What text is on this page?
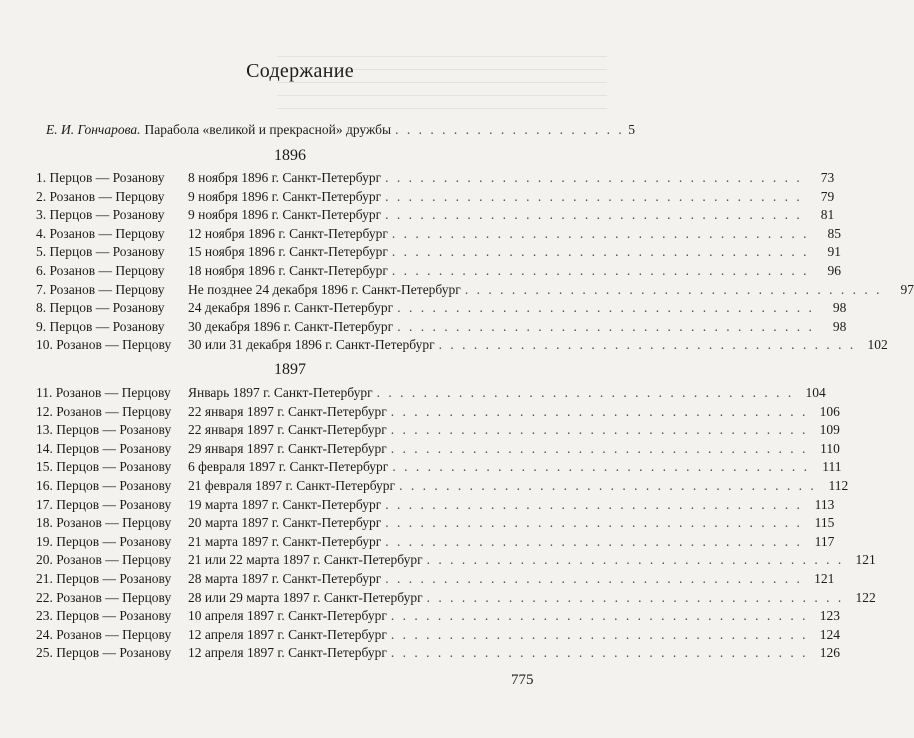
Содержание
Е. И. Гончарова. Парабола «великой и прекрасной» дружбы . . . . . . . . . . . . . . . . . . . . 5
1896
1. Перцов — Розанову	8 ноября 1896 г. Санкт-Петербург . . . . . . . . . . . . . . . . . . . . . . . . . . . . . . . . . . . .	73
2. Розанов — Перцову	9 ноября 1896 г. Санкт-Петербург . . . . . . . . . . . . . . . . . . . . . . . . . . . . . . . . . . . .	79
3. Перцов — Розанову	9 ноября 1896 г. Санкт-Петербург . . . . . . . . . . . . . . . . . . . . . . . . . . . . . . . . . . . .	81
4. Розанов — Перцову	12 ноября 1896 г. Санкт-Петербург . . . . . . . . . . . . . . . . . . . . . . . . . . . . . . . . . . . .	85
5. Перцов — Розанову	15 ноября 1896 г. Санкт-Петербург . . . . . . . . . . . . . . . . . . . . . . . . . . . . . . . . . . . .	91
6. Розанов — Перцову	18 ноября 1896 г. Санкт-Петербург . . . . . . . . . . . . . . . . . . . . . . . . . . . . . . . . . . . .	96
7. Розанов — Перцову	Не позднее 24 декабря 1896 г. Санкт-Петербург . . . . . . . . . . . . . . . . . . . . . . . . . . . . . . . . . . . .	97
8. Перцов — Розанову	24 декабря 1896 г. Санкт-Петербург . . . . . . . . . . . . . . . . . . . . . . . . . . . . . . . . . . . .	98
9. Перцов — Розанову	30 декабря 1896 г. Санкт-Петербург . . . . . . . . . . . . . . . . . . . . . . . . . . . . . . . . . . . .	98
10. Розанов — Перцову	30 или 31 декабря 1896 г. Санкт-Петербург . . . . . . . . . . . . . . . . . . . . . . . . . . . . . . . . . . . . 102
1897
11. Розанов — Перцову	Январь 1897 г. Санкт-Петербург . . . . . . . . . . . . . . . . . . . . . . . . . . . . . . . . . . . . 104
12. Розанов — Перцову	22 января 1897 г. Санкт-Петербург . . . . . . . . . . . . . . . . . . . . . . . . . . . . . . . . . . . . 106
13. Перцов — Розанову	22 января 1897 г. Санкт-Петербург . . . . . . . . . . . . . . . . . . . . . . . . . . . . . . . . . . . . 109
14. Перцов — Розанову	29 января 1897 г. Санкт-Петербург . . . . . . . . . . . . . . . . . . . . . . . . . . . . . . . . . . . . 110
15. Перцов — Розанову	6 февраля 1897 г. Санкт-Петербург . . . . . . . . . . . . . . . . . . . . . . . . . . . . . . . . . . . . 111
16. Перцов — Розанову	21 февраля 1897 г. Санкт-Петербург . . . . . . . . . . . . . . . . . . . . . . . . . . . . . . . . . . . . 112
17. Перцов — Розанову	19 марта 1897 г. Санкт-Петербург . . . . . . . . . . . . . . . . . . . . . . . . . . . . . . . . . . . . 113
18. Розанов — Перцову	20 марта 1897 г. Санкт-Петербург . . . . . . . . . . . . . . . . . . . . . . . . . . . . . . . . . . . . 115
19. Перцов — Розанову	21 марта 1897 г. Санкт-Петербург . . . . . . . . . . . . . . . . . . . . . . . . . . . . . . . . . . . . 117
20. Розанов — Перцову	21 или 22 марта 1897 г. Санкт-Петербург . . . . . . . . . . . . . . . . . . . . . . . . . . . . . . . . . . . . 121
21. Перцов — Розанову	28 марта 1897 г. Санкт-Петербург . . . . . . . . . . . . . . . . . . . . . . . . . . . . . . . . . . . . 121
22. Розанов — Перцову	28 или 29 марта 1897 г. Санкт-Петербург . . . . . . . . . . . . . . . . . . . . . . . . . . . . . . . . . . . . 122
23. Перцов — Розанову	10 апреля 1897 г. Санкт-Петербург . . . . . . . . . . . . . . . . . . . . . . . . . . . . . . . . . . . . 123
24. Розанов — Перцову	12 апреля 1897 г. Санкт-Петербург . . . . . . . . . . . . . . . . . . . . . . . . . . . . . . . . . . . . 124
25. Перцов — Розанову	12 апреля 1897 г. Санкт-Петербург . . . . . . . . . . . . . . . . . . . . . . . . . . . . . . . . . . . . 126
775
